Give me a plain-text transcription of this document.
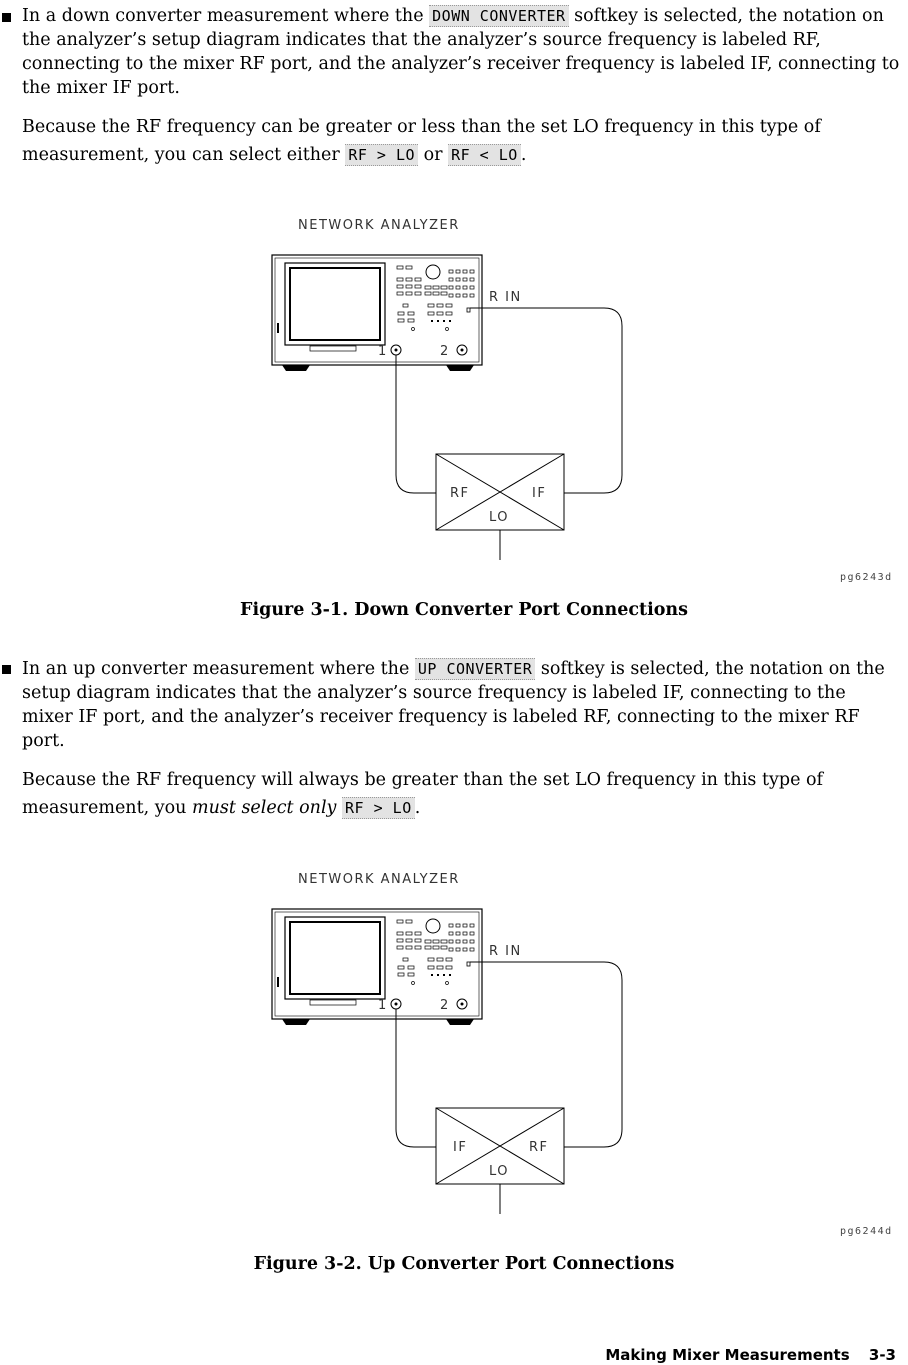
In a down converter measurement where the DOWN CONVERTER softkey is selected, the notation on the analyzer’s setup diagram indicates that the analyzer’s source frequency is labeled RF, connecting to the mixer RF port, and the analyzer’s receiver frequency is labeled IF, connecting to the mixer IF port.

Because the RF frequency can be greater or less than the set LO frequency in this type of measurement, you can select either RF > LO or RF < LO .

NETWORK ANALYZER
1	2
R IN
RF	IF
LO
pg6243d
Figure 3-1. Down Converter Port Connections

In an up converter measurement where the UP CONVERTER softkey is selected, the notation on the setup diagram indicates that the analyzer’s source frequency is labeled IF, connecting to the mixer IF port, and the analyzer’s receiver frequency is labeled RF, connecting to the mixer RF port.

Because the RF frequency will always be greater than the set LO frequency in this type of measurement, you must select only RF > LO .

NETWORK ANALYZER
1	2
R IN
IF	RF
LO
pg6244d
Figure 3-2. Up Converter Port Connections
Making Mixer Measurements 3-3
